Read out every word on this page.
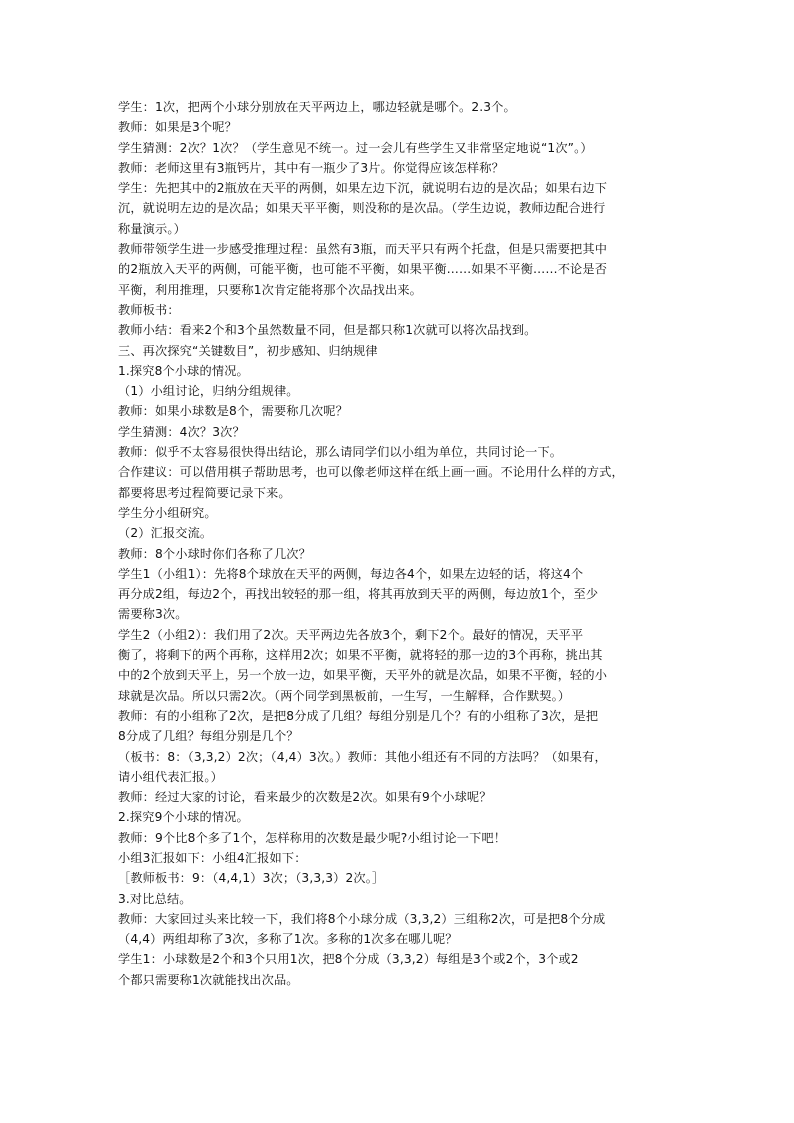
学生：1次，把两个小球分别放在天平两边上，哪边轻就是哪个。2.3个。
教师：如果是3个呢？
学生猜测：2次？1次？（学生意见不统一。过一会儿有些学生又非常坚定地说“1次”。）
教师：老师这里有3瓶钙片，其中有一瓶少了3片。你觉得应该怎样称？
学生：先把其中的2瓶放在天平的两侧，如果左边下沉，就说明右边的是次品；如果右边下
沉，就说明左边的是次品；如果天平平衡，则没称的是次品。（学生边说，教师边配合进行
称量演示。）
教师带领学生进一步感受推理过程：虽然有3瓶，而天平只有两个托盘，但是只需要把其中
的2瓶放入天平的两侧，可能平衡，也可能不平衡，如果平衡……如果不平衡……不论是否
平衡，利用推理，只要称1次肯定能将那个次品找出来。
教师板书：
教师小结：看来2个和3个虽然数量不同，但是都只称1次就可以将次品找到。
三、再次探究“关键数目”，初步感知、归纳规律
1.探究8个小球的情况。
（1）小组讨论，归纳分组规律。
教师：如果小球数是8个，需要称几次呢？
学生猜测：4次？3次？
教师：似乎不太容易很快得出结论，那么请同学们以小组为单位，共同讨论一下。
合作建议：可以借用棋子帮助思考，也可以像老师这样在纸上画一画。不论用什么样的方式，
都要将思考过程简要记录下来。
学生分小组研究。
（2）汇报交流。
教师：8个小球时你们各称了几次？
学生1（小组1）：先将8个球放在天平的两侧，每边各4个，如果左边轻的话，将这4个
再分成2组，每边2个，再找出较轻的那一组，将其再放到天平的两侧，每边放1个，至少
需要称3次。
学生2（小组2）：我们用了2次。天平两边先各放3个，剩下2个。最好的情况，天平平
衡了，将剩下的两个再称，这样用2次；如果不平衡，就将轻的那一边的3个再称，挑出其
中的2个放到天平上，另一个放一边，如果平衡，天平外的就是次品，如果不平衡，轻的小
球就是次品。所以只需2次。（两个同学到黑板前，一生写，一生解释，合作默契。）
教师：有的小组称了2次，是把8分成了几组？每组分别是几个？有的小组称了3次，是把
8分成了几组？每组分别是几个？
（板书：8：（3,3,2）2次；（4,4）3次。）教师：其他小组还有不同的方法吗？（如果有，
请小组代表汇报。）
教师：经过大家的讨论，看来最少的次数是2次。如果有9个小球呢？
2.探究9个小球的情况。
教师：9个比8个多了1个，怎样称用的次数是最少呢?小组讨论一下吧！
小组3汇报如下：小组4汇报如下：
［教师板书：9：（4,4,1）3次；（3,3,3）2次。］
3.对比总结。
教师：大家回过头来比较一下，我们将8个小球分成（3,3,2）三组称2次，可是把8个分成
（4,4）两组却称了3次，多称了1次。多称的1次多在哪儿呢？
学生1：小球数是2个和3个只用1次，把8个分成（3,3,2）每组是3个或2个，3个或2
个都只需要称1次就能找出次品。
